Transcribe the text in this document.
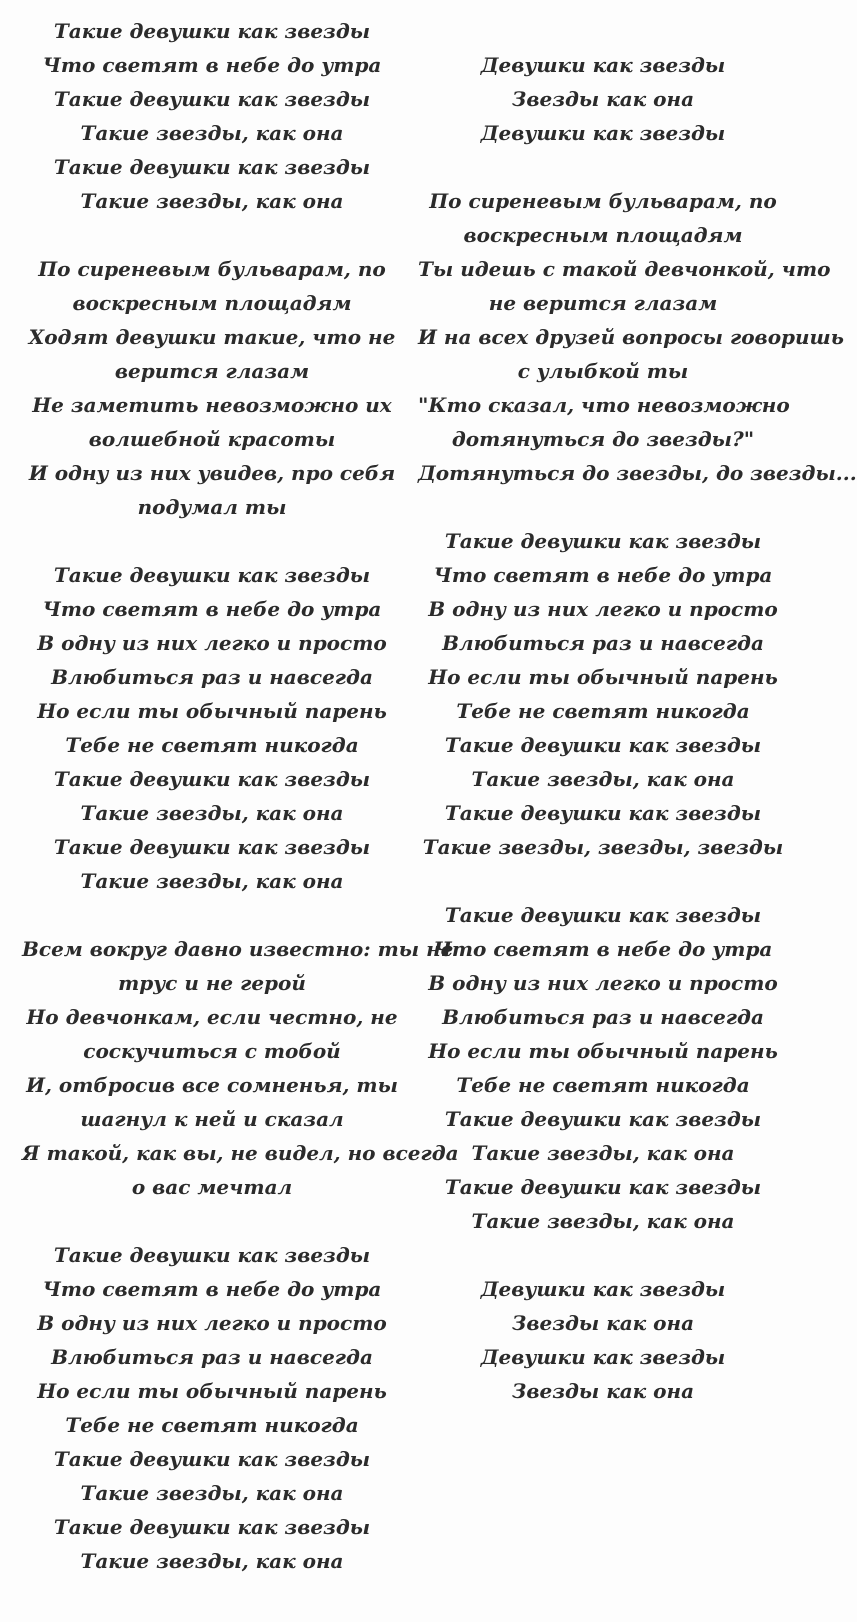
Такие девушки как звезды
Что светят в небе до утра
Такие девушки как звезды
Такие звезды, как она
Такие девушки как звезды
Такие звезды, как она
По сиреневым бульварам, по
воскресным площадям
Ходят девушки такие, что не
верится глазам
Не заметить невозможно их
волшебной красоты
И одну из них увидев, про себя
подумал ты
Такие девушки как звезды
Что светят в небе до утра
В одну из них легко и просто
Влюбиться раз и навсегда
Но если ты обычный парень
Тебе не светят никогда
Такие девушки как звезды
Такие звезды, как она
Такие девушки как звезды
Такие звезды, как она
Всем вокруг давно известно: ты не
трус и не герой
Но девчонкам, если честно, не
соскучиться с тобой
И, отбросив все сомненья, ты
шагнул к ней и сказал
Я такой, как вы, не видел, но всегда
о вас мечтал
Такие девушки как звезды
Что светят в небе до утра
В одну из них легко и просто
Влюбиться раз и навсегда
Но если ты обычный парень
Тебе не светят никогда
Такие девушки как звезды
Такие звезды, как она
Такие девушки как звезды
Такие звезды, как она
Девушки как звезды
Звезды как она
Девушки как звезды
По сиреневым бульварам, по
воскресным площадям
Ты идешь с такой девчонкой, что
не верится глазам
И на всех друзей вопросы говоришь
с улыбкой ты
"Кто сказал, что невозможно
дотянуться до звезды?"
Дотянуться до звезды, до звезды...
Такие девушки как звезды
Что светят в небе до утра
В одну из них легко и просто
Влюбиться раз и навсегда
Но если ты обычный парень
Тебе не светят никогда
Такие девушки как звезды
Такие звезды, как она
Такие девушки как звезды
Такие звезды, звезды, звезды
Такие девушки как звезды
Что светят в небе до утра
В одну из них легко и просто
Влюбиться раз и навсегда
Но если ты обычный парень
Тебе не светят никогда
Такие девушки как звезды
Такие звезды, как она
Такие девушки как звезды
Такие звезды, как она
Девушки как звезды
Звезды как она
Девушки как звезды
Звезды как она
